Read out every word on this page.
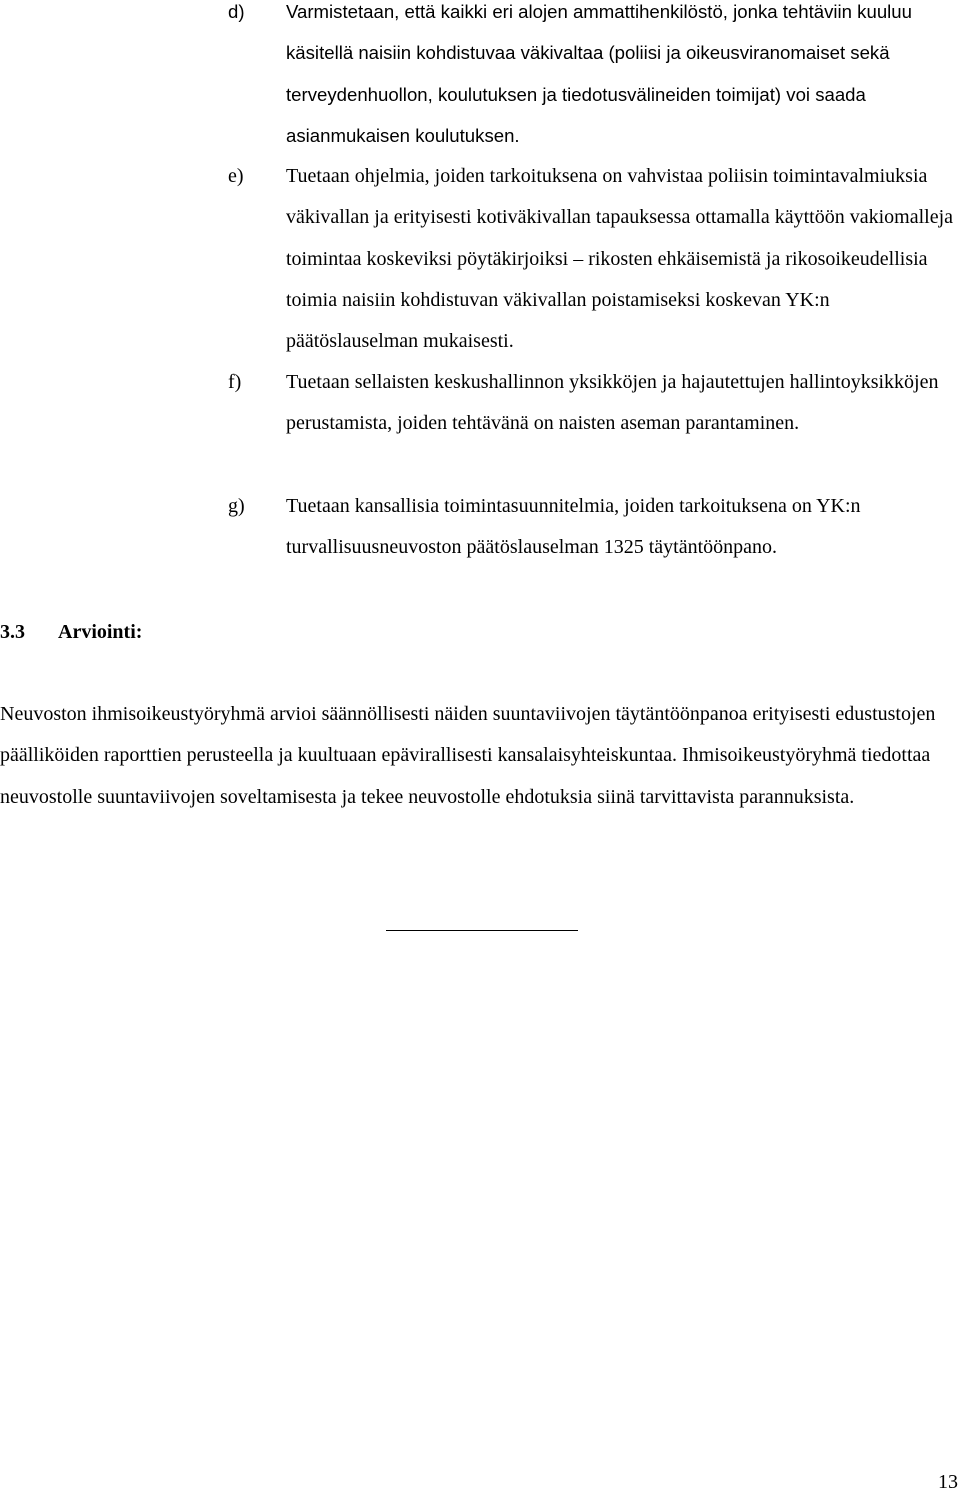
d) Varmistetaan, että kaikki eri alojen ammattihenkilöstö, jonka tehtäviin kuuluu käsitellä naisiin kohdistuvaa väkivaltaa (poliisi ja oikeusviranomaiset sekä terveydenhuollon, koulutuksen ja tiedotusvälineiden toimijat) voi saada asianmukaisen koulutuksen.

e) Tuetaan ohjelmia, joiden tarkoituksena on vahvistaa poliisin toimintavalmiuksia väkivallan ja erityisesti kotiväkivallan tapauksessa ottamalla käyttöön vakiomalleja toimintaa koskeviksi pöytäkirjoiksi – rikosten ehkäisemistä ja rikosoikeudellisia toimia naisiin kohdistuvan väkivallan poistamiseksi koskevan YK:n päätöslauselman mukaisesti.

f) Tuetaan sellaisten keskushallinnon yksikköjen ja hajautettujen hallintoyksikköjen perustamista, joiden tehtävänä on naisten aseman parantaminen.

g) Tuetaan kansallisia toimintasuunnitelmia, joiden tarkoituksena on YK:n turvallisuusneuvoston päätöslauselman 1325 täytäntöönpano.

3.3 Arviointi:

Neuvoston ihmisoikeustyöryhmä arvioi säännöllisesti näiden suuntaviivojen täytäntöönpanoa erityisesti edustustojen päälliköiden raporttien perusteella ja kuultuaan epävirallisesti kansalaisyhteiskuntaa. Ihmisoikeustyöryhmä tiedottaa neuvostolle suuntaviivojen soveltamisesta ja tekee neuvostolle ehdotuksia siinä tarvittavista parannuksista.

13
